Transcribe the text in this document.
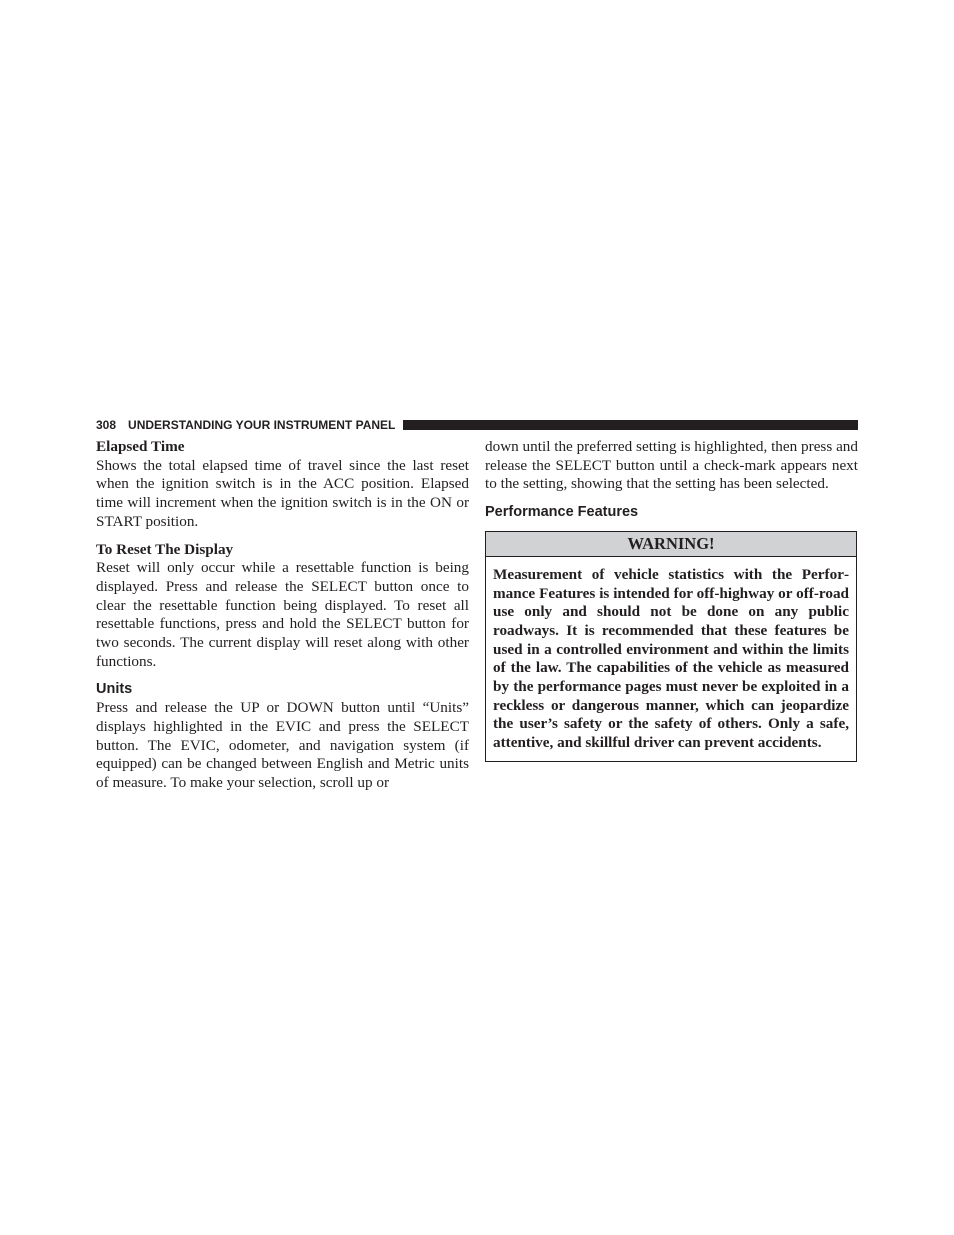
308 UNDERSTANDING YOUR INSTRUMENT PANEL
Elapsed Time

Shows the total elapsed time of travel since the last reset when the ignition switch is in the ACC position. Elapsed time will increment when the ignition switch is in the ON or START position.

To Reset The Display

Reset will only occur while a resettable function is being displayed. Press and release the SELECT button once to clear the resettable function being displayed. To reset all resettable functions, press and hold the SELECT button for two seconds. The current display will reset along with other functions.

Units

Press and release the UP or DOWN button until “Units” displays highlighted in the EVIC and press the SELECT button. The EVIC, odometer, and navigation system (if equipped) can be changed between English and Metric units of measure. To make your selection, scroll up or

down until the preferred setting is highlighted, then press and release the SELECT button until a check-mark appears next to the setting, showing that the setting has been selected.

Performance Features
WARNING!
Measurement of vehicle statistics with the Performance Features is intended for off-highway or off-road use only and should not be done on any public roadways. It is recommended that these features be used in a controlled environment and within the limits of the law. The capabilities of the vehicle as measured by the performance pages must never be exploited in a reckless or dangerous manner, which can jeopardize the user’s safety or the safety of others. Only a safe, attentive, and skillful driver can prevent accidents.
